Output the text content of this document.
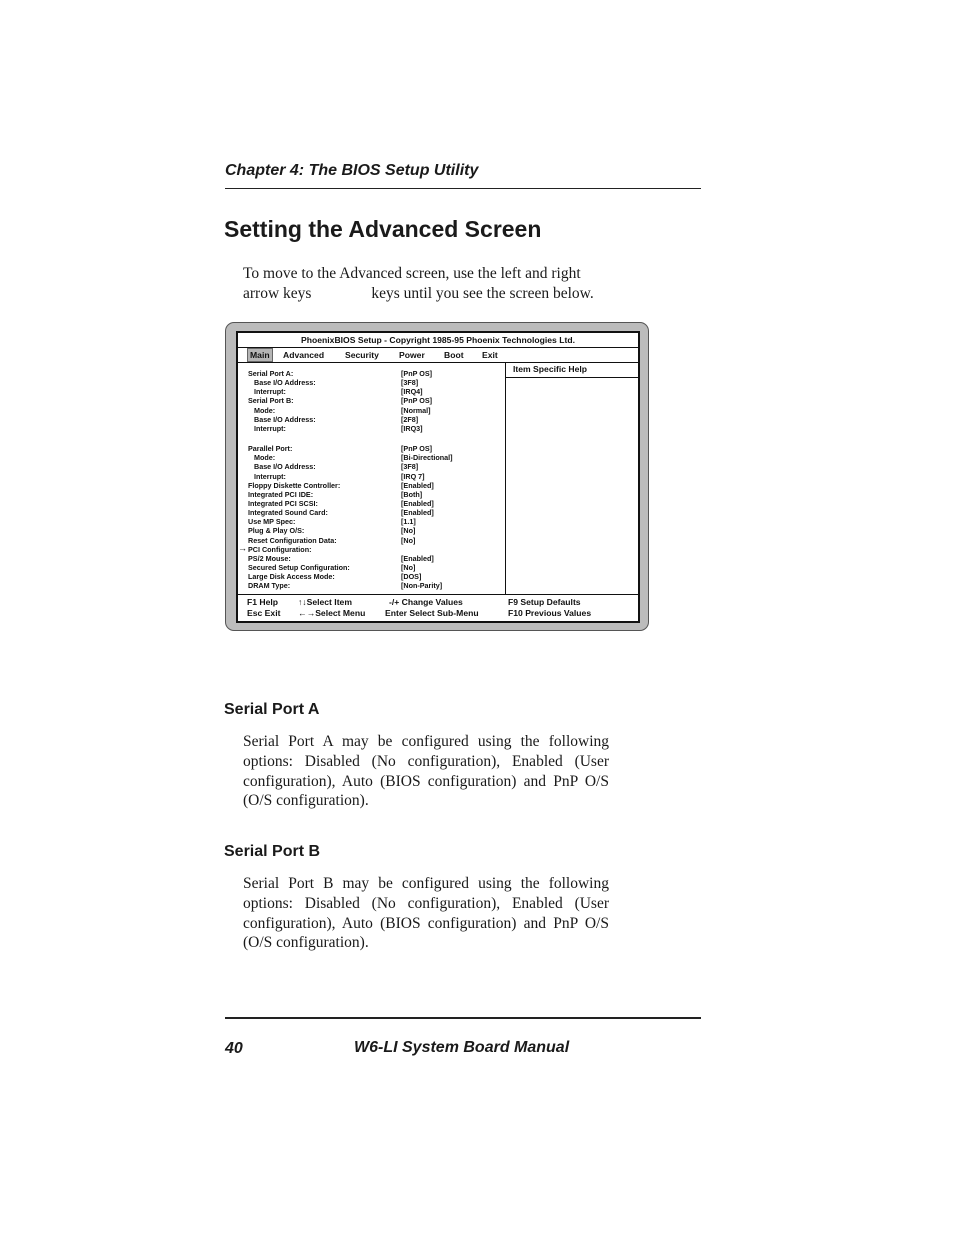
Chapter 4: The BIOS Setup Utility
Setting the Advanced Screen

To move to the Advanced screen, use the left and right arrow keys	keys until you see the screen below.

PhoenixBIOS Setup - Copyright 1985-95 Phoenix Technologies Ltd.
Main	Advanced Security Power Boot Exit
Serial Port A:	[PnP OS]
Base I/O Address:	[3F8]
Interrupt:	[IRQ4]
Serial Port B:	[PnP OS]
Mode:	[Normal]
Base I/O Address:	[2F8]
Interrupt:	[IRQ3]
Parallel Port:	[PnP OS]
Mode:	[Bi-Directional]
Base I/O Address:	[3F8]
Interrupt:	[IRQ 7]
Floppy Diskette Controller:	[Enabled]
Integrated PCI IDE:	[Both]
Integrated PCI SCSI:	[Enabled]
Integrated Sound Card:	[Enabled]
Use MP Spec:	[1.1]
Plug & Play O/S:	[No]
Reset Configuration Data:	[No]
→ PCI Configuration:
PS/2 Mouse:	[Enabled]
Secured Setup Configuration:	[No]
Large Disk Access Mode:	[DOS]
DRAM Type:	[Non-Parity]
Item Specific Help
F1 Help ↑↓Select Item	-/+ Change Values	F9 Setup Defaults
Esc Exit ←→Select Menu Enter Select Sub-Menu	F10 Previous Values
Serial Port A

Serial Port A may be configured using the following options: Disabled (No configuration), Enabled (User configuration), Auto (BIOS configuration) and PnP O/S (O/S configuration).

Serial Port B

Serial Port B may be configured using the following options: Disabled (No configuration), Enabled (User configuration), Auto (BIOS configuration) and PnP O/S (O/S configuration).

40	W6-LI System Board Manual
